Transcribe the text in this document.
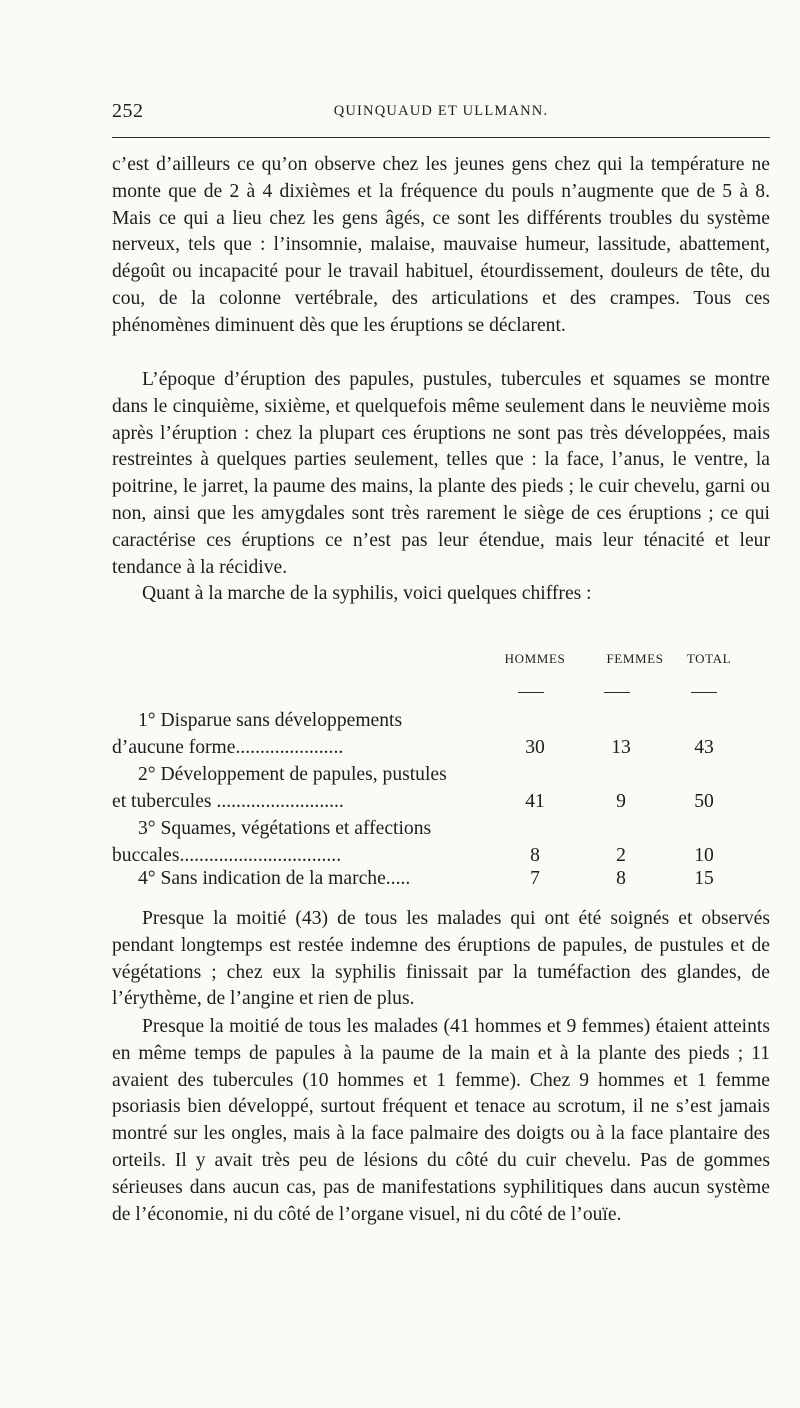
252	QUINQUAUD ET ULLMANN.

c’est d’ailleurs ce qu’on observe chez les jeunes gens chez qui la température ne monte que de 2 à 4 dixièmes et la fréquence du pouls n’augmente que de 5 à 8. Mais ce qui a lieu chez les gens âgés, ce sont les différents troubles du système nerveux, tels que : l’insomnie, malaise, mauvaise humeur, lassitude, abattement, dégoût ou incapacité pour le travail habituel, étourdissement, douleurs de tête, du cou, de la colonne vertébrale, des articulations et des crampes. Tous ces phénomènes diminuent dès que les éruptions se déclarent.

L’époque d’éruption des papules, pustules, tubercules et squames se montre dans le cinquième, sixième, et quelquefois même seulement dans le neuvième mois après l’éruption : chez la plupart ces éruptions ne sont pas très développées, mais restreintes à quelques parties seulement, telles que : la face, l’anus, le ventre, la poitrine, le jarret, la paume des mains, la plante des pieds ; le cuir chevelu, garni ou non, ainsi que les amygdales sont très rarement le siège de ces éruptions ; ce qui caractérise ces éruptions ce n’est pas leur étendue, mais leur ténacité et leur tendance à la récidive.

Quant à la marche de la syphilis, voici quelques chiffres :

HOMMES	FEMMES	TOTAL
1° Disparue sans développements
d’aucune forme......................	30	13	43
2° Développement de papules, pustules
et tubercules ..........................	41	9	50
3° Squames, végétations et affections
buccales.................................	8	2	10
4° Sans indication de la marche.....	7	8	15

Presque la moitié (43) de tous les malades qui ont été soignés et observés pendant longtemps est restée indemne des éruptions de papules, de pustules et de végétations ; chez eux la syphilis finissait par la tuméfaction des glandes, de l’érythème, de l’angine et rien de plus.

Presque la moitié de tous les malades (41 hommes et 9 femmes) étaient atteints en même temps de papules à la paume de la main et à la plante des pieds ; 11 avaient des tubercules (10 hommes et 1 femme). Chez 9 hommes et 1 femme psoriasis bien développé, surtout fréquent et tenace au scrotum, il ne s’est jamais montré sur les ongles, mais à la face palmaire des doigts ou à la face plantaire des orteils. Il y avait très peu de lésions du côté du cuir chevelu. Pas de gommes sérieuses dans aucun cas, pas de manifestations syphilitiques dans aucun système de l’économie, ni du côté de l’organe visuel, ni du côté de l’ouïe.
